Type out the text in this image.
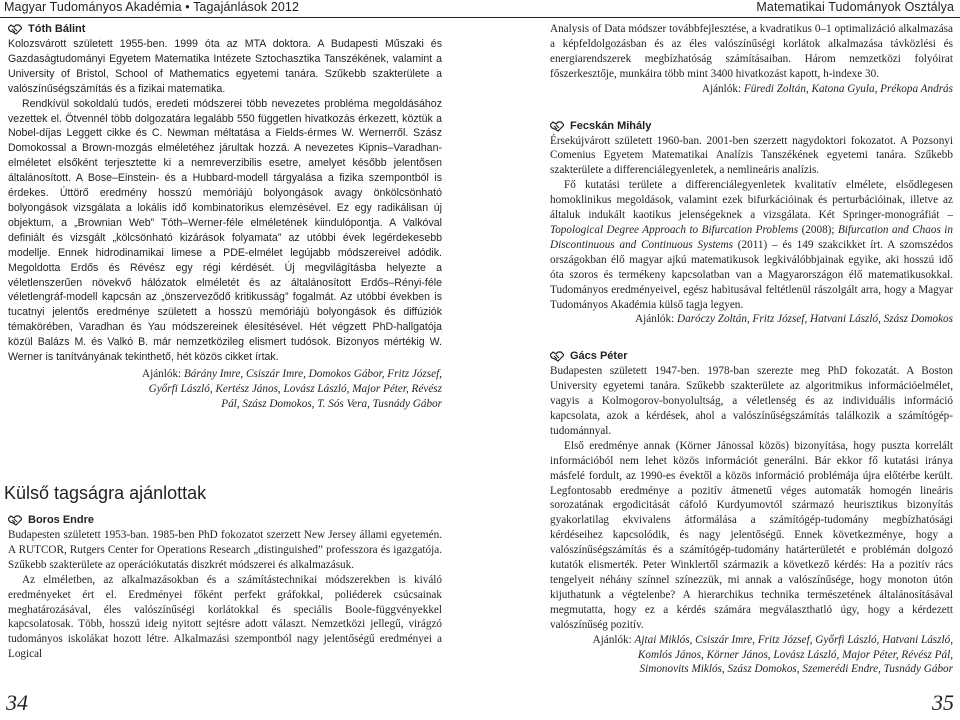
Magyar Tudományos Akadémia • Tagajánlások 2012	Matematikai Tudományok Osztálya
Tóth Bálint

Kolozsvárott született 1955-ben. 1999 óta az MTA doktora. A Budapesti Műszaki és Gazdaságtudományi Egyetem Matematika Intézete Sztochasztika Tanszékének, valamint a University of Bristol, School of Mathematics egyetemi tanára. Szűkebb szakterülete a valószínűségszámítás és a fizikai matematika.

Rendkívül sokoldalú tudós, eredeti módszerei több nevezetes probléma megoldásához vezettek el. Ötvennél több dolgozatára legalább 550 független hivatkozás érkezett, köztük a Nobel-díjas Leggett cikke és C. Newman méltatása a Fields-érmes W. Wernerről. Szász Domokossal a Brown-mozgás elméletéhez járultak hozzá. A nevezetes Kipnis–Varadhan-elméletet elsőként terjesztette ki a nemreverzibilis esetre, amelyet később jelentősen általánosított. A Bose–Einstein- és a Hubbard-modell tárgyalása a fizika szempontból is érdekes. Úttörő eredmény hosszú memóriájú bolyongások avagy önkölcsönható bolyongások vizsgálata a lokális idő kombinatorikus elemzésével. Ez egy radikálisan új objektum, a „Brownian Web” Tóth–Werner-féle elméletének kiindulópontja. A Valkóval definiált és vizsgált „kölcsönható kizárások folyamata” az utóbbi évek legérdekesebb modellje. Ennek hidrodinamikai limese a PDE-elmélet legújabb módszereivel adódik. Megoldotta Erdős és Révész egy régi kérdését. Új megvilágításba helyezte a véletlenszerűen növekvő hálózatok elméletét és az általánosított Erdős–Rényi-féle véletlengráf-modell kapcsán az „önszerveződő kritikusság” fogalmát. Az utóbbi években is tucatnyi jelentős eredménye született a hosszú memóriájú bolyongások és diffúziók témakörében, Varadhan és Yau módszereinek élesítésével. Hét végzett PhD-hallgatója közül Balázs M. és Valkó B. már nemzetközileg elismert tudósok. Bizonyos mértékig W. Werner is tanítványának tekinthető, hét közös cikket írtak.

Ajánlók: Bárány Imre, Csiszár Imre, Domokos Gábor, Fritz József, Győrfi László, Kertész János, Lovász László, Major Péter, Révész Pál, Szász Domokos, T. Sós Vera, Tusnády Gábor

Külső tagságra ajánlottak
Boros Endre

Budapesten született 1953-ban. 1985-ben PhD fokozatot szerzett New Jersey állami egyetemén. A RUTCOR, Rutgers Center for Operations Research „distinguished” professzora és igazgatója. Szűkebb szakterülete az operációkutatás diszkrét módszerei és alkalmazásuk.

Az elméletben, az alkalmazásokban és a számítástechnikai módszerekben is kiváló eredményeket ért el. Eredményei főként perfekt gráfokkal, poliéderek csúcsainak meghatározásával, éles valószínűségi korlátokkal és speciális Boole-függvényekkel kapcsolatosak. Több, hosszú ideig nyitott sejtésre adott választ. Nemzetközi jellegű, virágzó tudományos iskolákat hozott létre. Alkalmazási szempontból nagy jelentőségű eredményei a Logical

Analysis of Data módszer továbbfejlesztése, a kvadratikus 0–1 optimalizáció alkalmazása a képfeldolgozásban és az éles valószínűségi korlátok alkalmazása távközlési és energiarendszerek megbízhatóság számításaiban. Három nemzetközi folyóirat főszerkesztője, munkáira több mint 3400 hivatkozást kapott, h-indexe 30.

Ajánlók: Füredi Zoltán, Katona Gyula, Prékopa András

Fecskán Mihály

Érsekújvárott született 1960-ban. 2001-ben szerzett nagydoktori fokozatot. A Pozsonyi Comenius Egyetem Matematikai Analízis Tanszékének egyetemi tanára. Szűkebb szakterülete a differenciálegyenletek, a nemlineáris analízis.

Fő kutatási területe a differenciálegyenletek kvalitatív elmélete, elsődlegesen homoklinikus megoldások, valamint ezek bifurkációinak és perturbációinak, illetve az általuk indukált kaotikus jelenségeknek a vizsgálata. Két Springer-monográfiát – Topological Degree Approach to Bifurcation Problems (2008); Bifurcation and Chaos in Discontinuous and Continuous Systems (2011) – és 149 szakcikket írt. A szomszédos országokban élő magyar ajkú matematikusok legkiválóbbjainak egyike, aki hosszú idő óta szoros és termékeny kapcsolatban van a Magyarországon élő matematikusokkal. Tudományos eredményeivel, egész habitusával feltétlenül rászolgált arra, hogy a Magyar Tudományos Akadémia külső tagja legyen.

Ajánlók: Daróczy Zoltán, Fritz József, Hatvani László, Szász Domokos

Gács Péter

Budapesten született 1947-ben. 1978-ban szerezte meg PhD fokozatát. A Boston University egyetemi tanára. Szűkebb szakterülete az algoritmikus információelmélet, vagyis a Kolmogorov-bonyolultság, a véletlenség és az individuális információ kapcsolata, azok a kérdések, ahol a valószínűségszámítás találkozik a számítógép-tudománnyal.

Első eredménye annak (Körner Jánossal közös) bizonyítása, hogy puszta korrelált információból nem lehet közös információt generálni. Bár ekkor fő kutatási iránya másfelé fordult, az 1990-es évektől a közös információ problémája újra előtérbe került. Legfontosabb eredménye a pozitív átmenetű véges automaták homogén lineáris sorozatának ergodicitását cáfoló Kurdyumovtól származó heurisztikus bizonyítás gyakorlatilag ekvivalens átformálása a számítógép-tudomány megbízhatósági kérdéseihez kapcsolódik, és nagy jelentőségű. Ennek következménye, hogy a valószínűségszámítás és a számítógép-tudomány határterületét e problémán dolgozó kutatók elismerték. Peter Winklertől származik a következő kérdés: Ha a pozitív rács tengelyeit néhány színnel színezzük, mi annak a valószínűsége, hogy monoton útón kijuthatunk a végtelenbe? A hierarchikus technika természetének általánosításával megmutatta, hogy ez a kérdés számára megválaszthatló úgy, hogy a kérdezett valószínűség pozitív.

Ajánlók: Ajtai Miklós, Csiszár Imre, Fritz József, Győrfi László, Hatvani László, Komlós János, Körner János, Lovász László, Major Péter, Révész Pál, Simonovits Miklós, Szász Domokos, Szemerédi Endre, Tusnády Gábor

34	35
